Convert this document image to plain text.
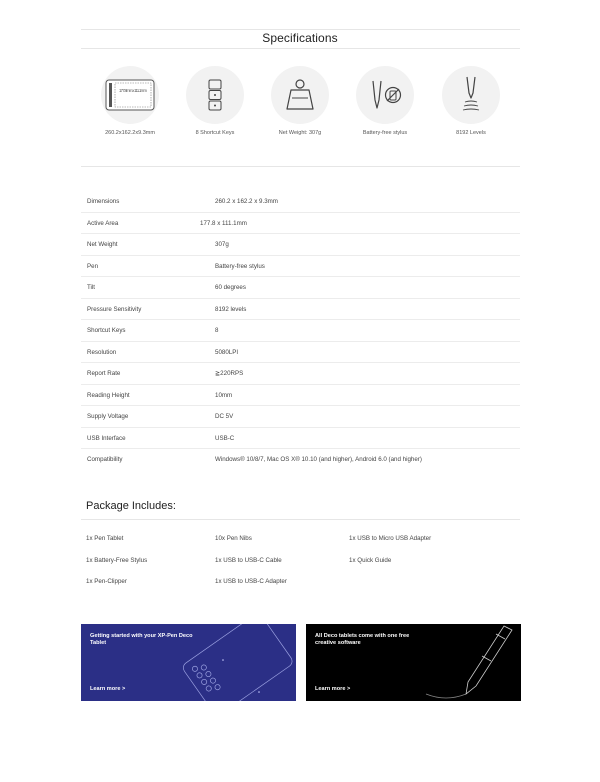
Specifications
177.8mm x 111.1mm
260.2x162.2x9.3mm	8 Shortcut Keys	Net Weight: 307g	Battery-free stylus	8192 Levels
Dimensions	260.2 x 162.2 x 9.3mm
Active Area	177.8 x 111.1mm
Net Weight	307g
Pen	Battery-free stylus
Tilt	60 degrees
Pressure Sensitivity	8192 levels
Shortcut Keys	8
Resolution	5080LPI
Report Rate	≧220RPS
Reading Height	10mm
Supply Voltage	DC 5V
USB Interface	USB-C
Compatibility	Windows® 10/8/7, Mac OS X® 10.10 (and higher), Android 6.0 (and higher)
Package Includes:
1x Pen Tablet	10x Pen Nibs	1x USB to Micro USB Adapter
1x Battery-Free Stylus	1x USB to USB-C Cable	1x Quick Guide
1x Pen-Clipper	1x USB to USB-C Adapter
Getting started with your XP-Pen Deco Tablet
Learn more >
All Deco tablets come with one free creative software
Learn more >
